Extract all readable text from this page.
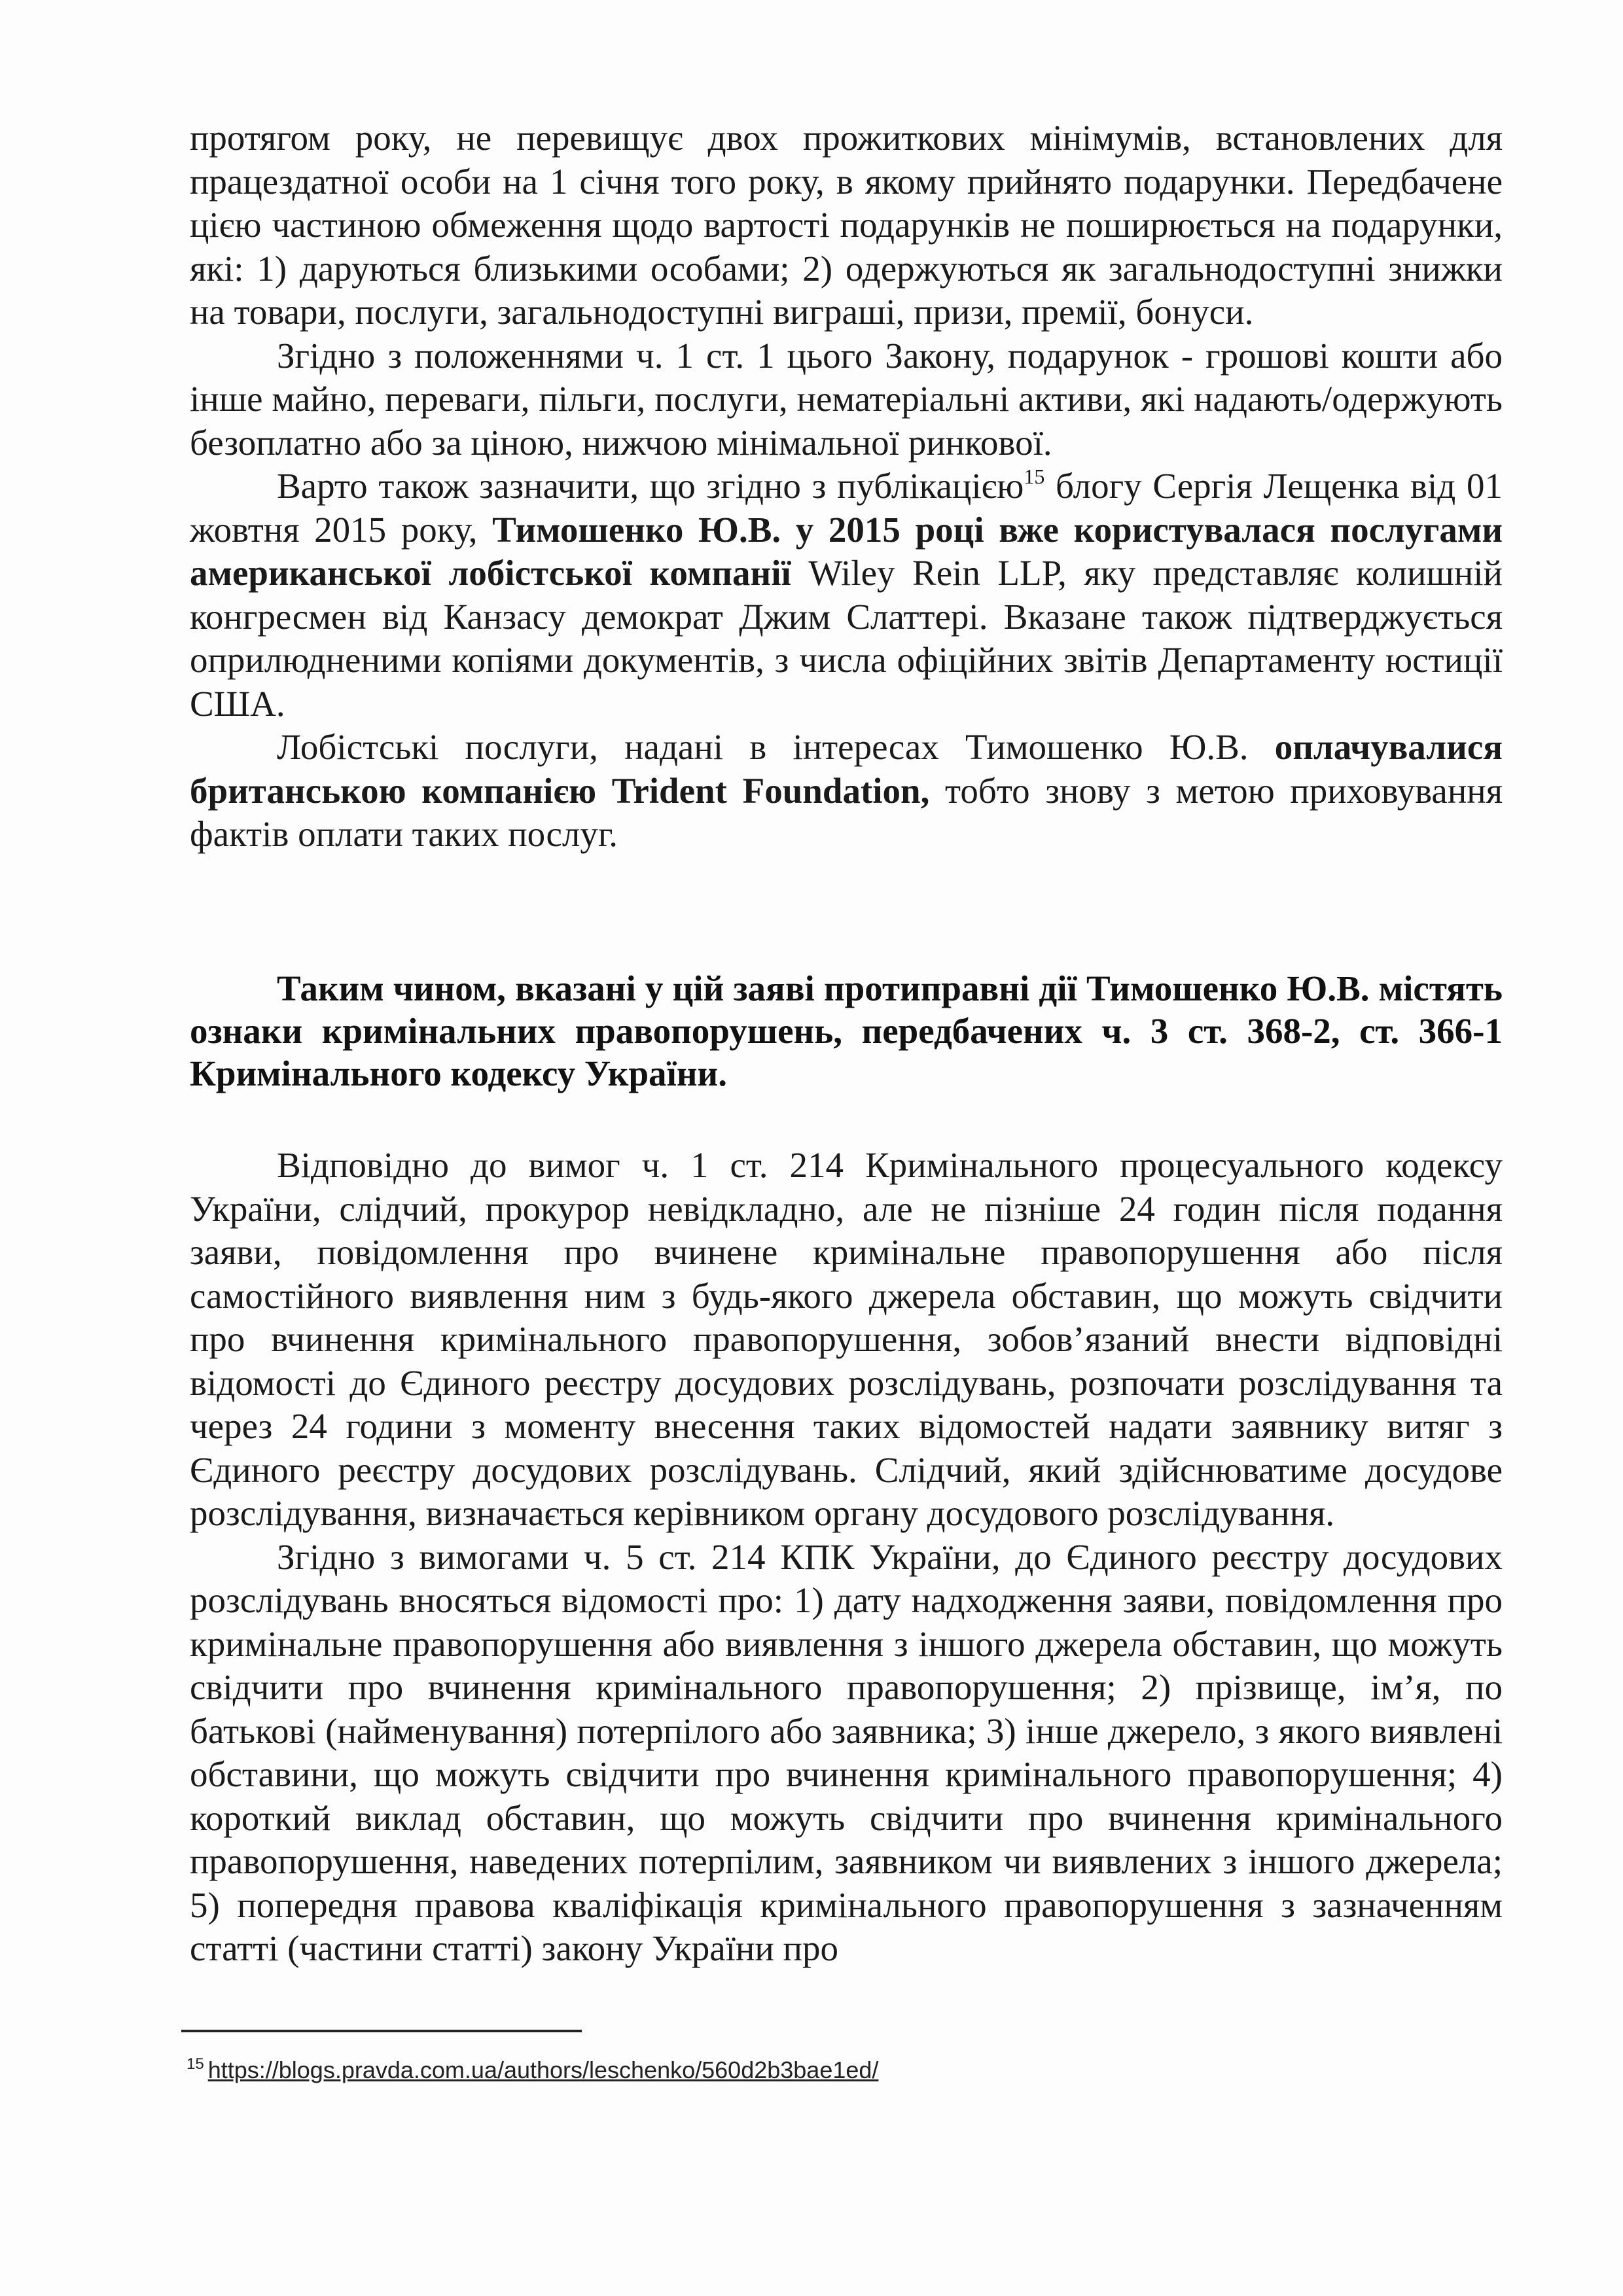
протягом року, не перевищує двох прожиткових мінімумів, встановлених для працездатної особи на 1 січня того року, в якому прийнято подарунки. Передбачене цією частиною обмеження щодо вартості подарунків не поширюється на подарунки, які: 1) даруються близькими особами; 2) одержуються як загальнодоступні знижки на товари, послуги, загальнодоступні виграші, призи, премії, бонуси.

Згідно з положеннями ч. 1 ст. 1 цього Закону, подарунок - грошові кошти або інше майно, переваги, пільги, послуги, нематеріальні активи, які надають/одержують безоплатно або за ціною, нижчою мінімальної ринкової.

Варто також зазначити, що згідно з публікацією$^{15}$ блогу Сергія Лещенка від 01 жовтня 2015 року, Тимошенко Ю.В. у 2015 році вже користувалася послугами американської лобістської компанії Wiley Rein LLP, яку представляє колишній конгресмен від Канзасу демократ Джим Слаттері. Вказане також підтверджується оприлюдненими копіями документів, з числа офіційних звітів Департаменту юстиції США.

Лобістські послуги, надані в інтересах Тимошенко Ю.В. оплачувалися британською компанією Trident Foundation, тобто знову з метою приховування фактів оплати таких послуг.

Таким чином, вказані у цій заяві протиправні дії Тимошенко Ю.В. містять ознаки кримінальних правопорушень, передбачених ч. 3 ст. 368-2, ст. 366-1 Кримінального кодексу України.

Відповідно до вимог ч. 1 ст. 214 Кримінального процесуального кодексу України, слідчий, прокурор невідкладно, але не пізніше 24 годин після подання заяви, повідомлення про вчинене кримінальне правопорушення або після самостійного виявлення ним з будь-якого джерела обставин, що можуть свідчити про вчинення кримінального правопорушення, зобов’язаний внести відповідні відомості до Єдиного реєстру досудових розслідувань, розпочати розслідування та через 24 години з моменту внесення таких відомостей надати заявнику витяг з Єдиного реєстру досудових розслідувань. Слідчий, який здійснюватиме досудове розслідування, визначається керівником органу досудового розслідування.

Згідно з вимогами ч. 5 ст. 214 КПК України, до Єдиного реєстру досудових розслідувань вносяться відомості про: 1) дату надходження заяви, повідомлення про кримінальне правопорушення або виявлення з іншого джерела обставин, що можуть свідчити про вчинення кримінального правопорушення; 2) прізвище, ім’я, по батькові (найменування) потерпілого або заявника; 3) інше джерело, з якого виявлені обставини, що можуть свідчити про вчинення кримінального правопорушення; 4) короткий виклад обставин, що можуть свідчити про вчинення кримінального правопорушення, наведених потерпілим, заявником чи виявлених з іншого джерела; 5) попередня правова кваліфікація кримінального правопорушення з зазначенням статті (частини статті) закону України про

$^{15}$ https://blogs.pravda.com.ua/authors/leschenko/560d2b3bae1ed/
